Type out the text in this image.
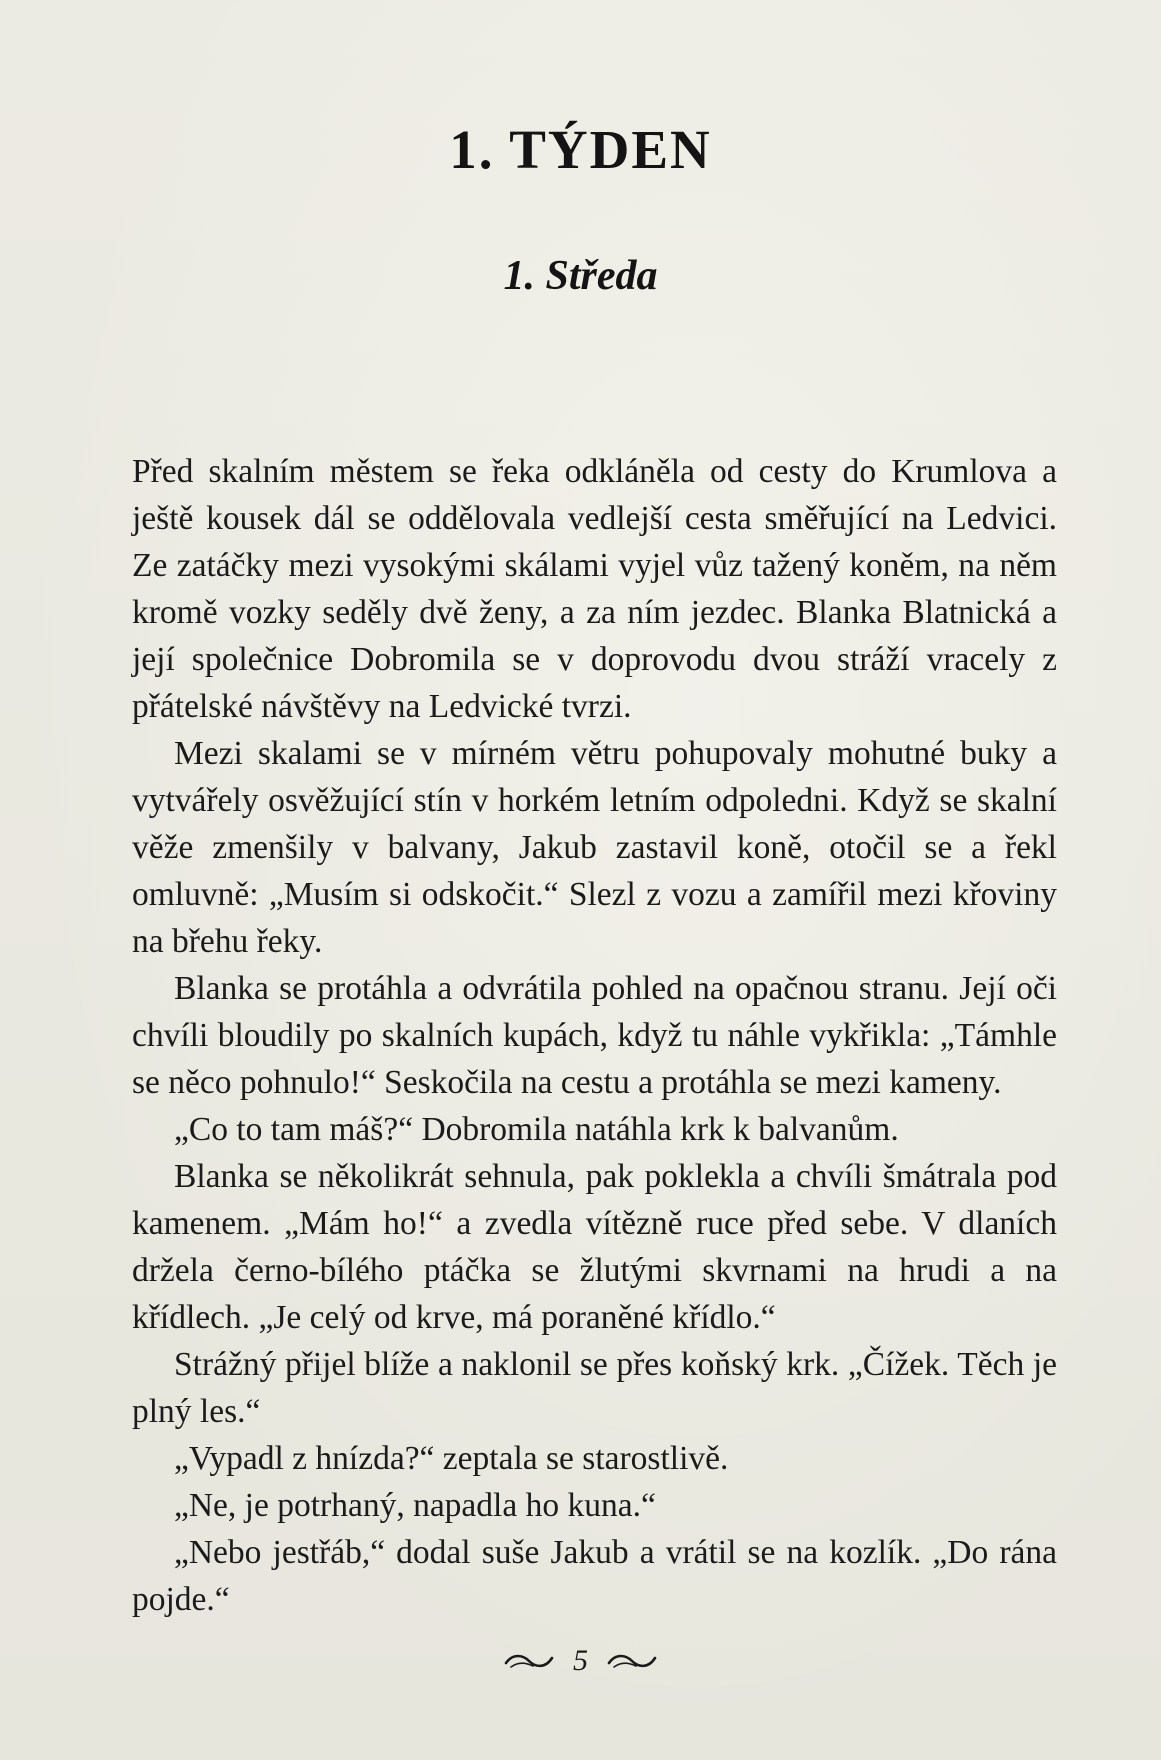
1. TÝDEN
1. Středa

Před skalním městem se řeka odkláněla od cesty do Krumlova a ještě kousek dál se oddělovala vedlejší cesta směřující na Ledvici. Ze zatáčky mezi vysokými skálami vyjel vůz tažený koněm, na něm kromě vozky seděly dvě ženy, a za ním jezdec. Blanka Blatnická a její společnice Dobromila se v doprovodu dvou stráží vracely z přátelské návštěvy na Ledvické tvrzi.

Mezi skalami se v mírném větru pohupovaly mohutné buky a vytvářely osvěžující stín v horkém letním odpoledni. Když se skalní věže zmenšily v balvany, Jakub zastavil koně, otočil se a řekl omluvně: „Musím si odskočit.“ Slezl z vozu a zamířil mezi křoviny na břehu řeky.

Blanka se protáhla a odvrátila pohled na opačnou stranu. Její oči chvíli bloudily po skalních kupách, když tu náhle vykřikla: „Támhle se něco pohnulo!“ Seskočila na cestu a protáhla se mezi kameny.

„Co to tam máš?“ Dobromila natáhla krk k balvanům.

Blanka se několikrát sehnula, pak poklekla a chvíli šmátrala pod kamenem. „Mám ho!“ a zvedla vítězně ruce před sebe. V dlaních držela černo-bílého ptáčka se žlutými skvrnami na hrudi a na křídlech. „Je celý od krve, má poraněné křídlo.“

Strážný přijel blíže a naklonil se přes koňský krk. „Čížek. Těch je plný les.“

„Vypadl z hnízda?“ zeptala se starostlivě.

„Ne, je potrhaný, napadla ho kuna.“

„Nebo jestřáb,“ dodal suše Jakub a vrátil se na kozlík. „Do rána pojde.“

5
